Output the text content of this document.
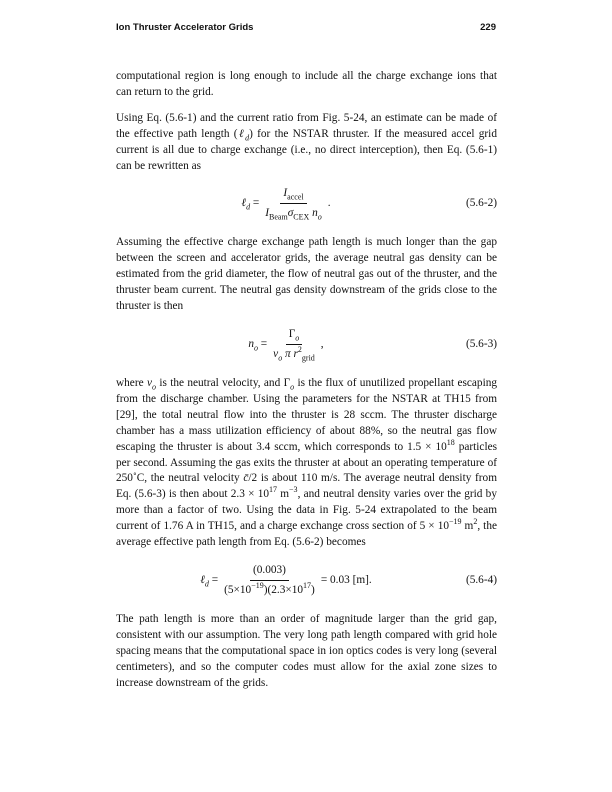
Ion Thruster Accelerator Grids	229
computational region is long enough to include all the charge exchange ions that can return to the grid.
Using Eq. (5.6-1) and the current ratio from Fig. 5-24, an estimate can be made of the effective path length (ℓ$_d$) for the NSTAR thruster. If the measured accel grid current is all due to charge exchange (i.e., no direct interception), then Eq. (5.6-1) can be rewritten as
ℓ$_d$ = $\frac{I_{accel}}{I_{Beam}\sigma_{CEX} n_o}$ .	(5.6-2)
Assuming the effective charge exchange path length is much longer than the gap between the screen and accelerator grids, the average neutral gas density can be estimated from the grid diameter, the flow of neutral gas out of the thruster, and the thruster beam current. The neutral gas density downstream of the grids close to the thruster is then
$n_o = \frac{\Gamma_o}{v_o \pi r^2_{grid}}$ ,	(5.6-3)
where $v_o$ is the neutral velocity, and $\Gamma_o$ is the flux of unutilized propellant escaping from the discharge chamber. Using the parameters for the NSTAR at TH15 from [29], the total neutral flow into the thruster is 28 sccm. The thruster discharge chamber has a mass utilization efficiency of about 88%, so the neutral gas flow escaping the thruster is about 3.4 sccm, which corresponds to $1.5 \times 10^{18}$ particles per second. Assuming the gas exits the thruster at about an operating temperature of 250˚C, the neutral velocity c̄/2 is about 110 m/s. The average neutral density from Eq. (5.6-3) is then about $2.3 \times 10^{17}$ $m^{-3}$, and neutral density varies over the grid by more than a factor of two. Using the data in Fig. 5-24 extrapolated to the beam current of 1.76 A in TH15, and a charge exchange cross section of $5 \times 10^{-19}$ $m^2$, the average effective path length from Eq. (5.6-2) becomes
ℓ$_d$ = $\frac{(0.003)}{(5\times 10^{-19})(2.3\times 10^{17})} = 0.03$ [m].	(5.6-4)
The path length is more than an order of magnitude larger than the grid gap, consistent with our assumption. The very long path length compared with grid hole spacing means that the computational space in ion optics codes is very long (several centimeters), and so the computer codes must allow for the axial zone sizes to increase downstream of the grids.
